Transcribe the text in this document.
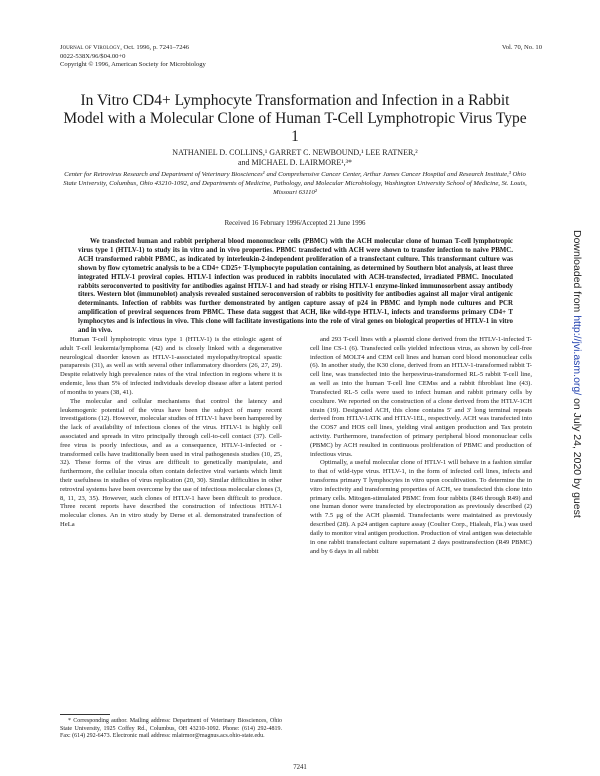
Journal of Virology, Oct. 1996, p. 7241–7246
0022-538X/96/$04.00+0
Copyright © 1996, American Society for Microbiology
Vol. 70, No. 10
In Vitro CD4+ Lymphocyte Transformation and Infection in a Rabbit Model with a Molecular Clone of Human T-Cell Lymphotropic Virus Type 1
NATHANIEL D. COLLINS,¹ GARRET C. NEWBOUND,¹ LEE RATNER,²
and MICHAEL D. LAIRMORE¹,³*
Center for Retrovirus Research and Department of Veterinary Biosciences¹ and Comprehensive Cancer Center, Arthur James Cancer Hospital and Research Institute,³ Ohio State University, Columbus, Ohio 43210-1092, and Departments of Medicine, Pathology, and Molecular Microbiology, Washington University School of Medicine, St. Louis, Missouri 63110²
Received 16 February 1996/Accepted 21 June 1996

We transfected human and rabbit peripheral blood mononuclear cells (PBMC) with the ACH molecular clone of human T-cell lymphotropic virus type 1 (HTLV-1) to study its in vitro and in vivo properties. PBMC transfected with ACH were shown to transfer infection to naive PBMC. ACH transformed rabbit PBMC, as indicated by interleukin-2-independent proliferation of a transfectant culture. This transformant culture was shown by flow cytometric analysis to be a CD4+ CD25+ T-lymphocyte population containing, as determined by Southern blot analysis, at least three integrated HTLV-1 proviral copies. HTLV-1 infection was produced in rabbits inoculated with ACH-transfected, irradiated PBMC. Inoculated rabbits seroconverted to positivity for antibodies against HTLV-1 and had steady or rising HTLV-1 enzyme-linked immunosorbent assay antibody titers. Western blot (immunoblot) analysis revealed sustained seroconversion of rabbits to positivity for antibodies against all major viral antigenic determinants. Infection of rabbits was further demonstrated by antigen capture assay of p24 in PBMC and lymph node cultures and PCR amplification of proviral sequences from PBMC. These data suggest that ACH, like wild-type HTLV-1, infects and transforms primary CD4+ T lymphocytes and is infectious in vivo. This clone will facilitate investigations into the role of viral genes on biological properties of HTLV-1 in vitro and in vivo.

Human T-cell lymphotropic virus type 1 (HTLV-1) is the etiologic agent of adult T-cell leukemia/lymphoma (42) and is closely linked with a degenerative neurological disorder known as HTLV-1-associated myelopathy/tropical spastic paraparesis (31), as well as with several other inflammatory disorders (26, 27, 29). Despite relatively high prevalence rates of the viral infection in regions where it is endemic, less than 5% of infected individuals develop disease after a latent period of months to years (38, 41).

The molecular and cellular mechanisms that control the latency and leukemogenic potential of the virus have been the subject of many recent investigations (12). However, molecular studies of HTLV-1 have been hampered by the lack of availability of infectious clones of the virus. HTLV-1 is highly cell associated and spreads in vitro principally through cell-to-cell contact (37). Cell-free virus is poorly infectious, and as a consequence, HTLV-1-infected or -transformed cells have traditionally been used in viral pathogenesis studies (10, 25, 32). These forms of the virus are difficult to genetically manipulate, and furthermore, the cellular inocula often contain defective viral variants which limit their usefulness in studies of virus replication (20, 30). Similar difficulties in other retroviral systems have been overcome by the use of infectious molecular clones (3, 8, 11, 23, 35). However, such clones of HTLV-1 have been difficult to produce. Three recent reports have described the construction of infectious HTLV-1 molecular clones. An in vitro study by Derse et al. demonstrated transfection of HeLa

and 293 T-cell lines with a plasmid clone derived from the HTLV-1-infected T-cell line CS-1 (6). Transfected cells yielded infectious virus, as shown by cell-free infection of MOLT4 and CEM cell lines and human cord blood mononuclear cells (6). In another study, the K30 clone, derived from an HTLV-1-transformed rabbit T-cell line, was transfected into the herpesvirus-transformed RL-5 rabbit T-cell line, as well as into the human T-cell line CEMss and a rabbit fibroblast line (43). Transfected RL-5 cells were used to infect human and rabbit primary cells by coculture. We reported on the construction of a clone derived from the HTLV-1CH strain (19). Designated ACH, this clone contains 5′ and 3′ long terminal repeats derived from HTLV-1ATK and HTLV-1EL, respectively. ACH was transfected into the COS7 and HOS cell lines, yielding viral antigen production and Tax protein activity. Furthermore, transfection of primary peripheral blood mononuclear cells (PBMC) by ACH resulted in continuous proliferation of PBMC and production of infectious virus.

Optimally, a useful molecular clone of HTLV-1 will behave in a fashion similar to that of wild-type virus. HTLV-1, in the form of infected cell lines, infects and transforms primary T lymphocytes in vitro upon cocultivation. To determine the in vitro infectivity and transforming properties of ACH, we transfected this clone into primary cells. Mitogen-stimulated PBMC from four rabbits (R46 through R49) and one human donor were transfected by electroporation as previously described (2) with 7.5 μg of the ACH plasmid. Transfectants were maintained as previously described (28). A p24 antigen capture assay (Coulter Corp., Hialeah, Fla.) was used daily to monitor viral antigen production. Production of viral antigen was detectable in one rabbit transfectant culture supernatant 2 days posttransfection (R49 PBMC) and by 6 days in all rabbit

* Corresponding author. Mailing address: Department of Veterinary Biosciences, Ohio State University, 1925 Coffey Rd., Columbus, OH 43210-1092. Phone: (614) 292-4819. Fax: (614) 292-6473. Electronic mail address: mlairmor@magnus.acs.ohio-state.edu.

7241
Downloaded from http://jvi.asm.org/ on July 24, 2020 by guest
